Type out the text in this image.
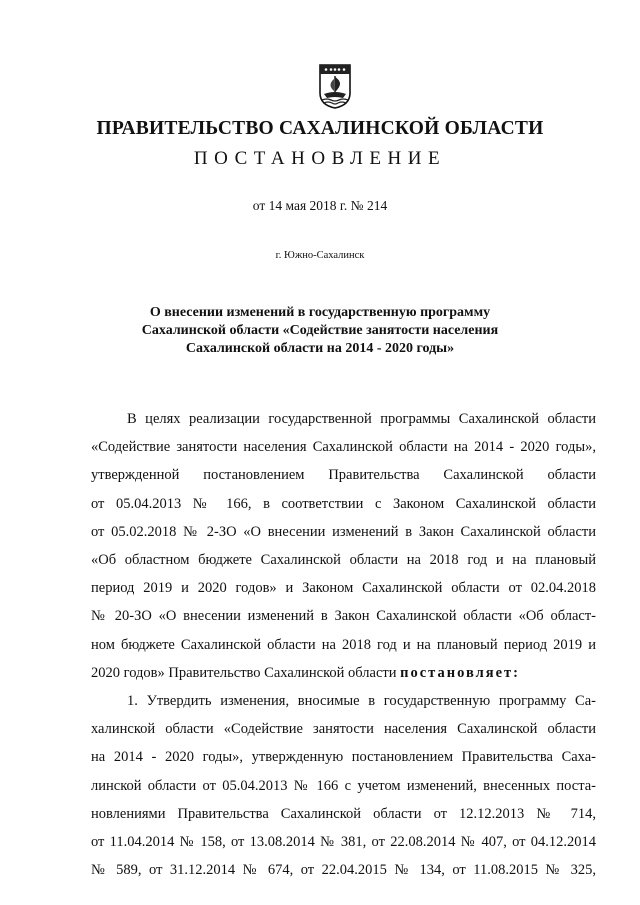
ПРАВИТЕЛЬСТВО САХАЛИНСКОЙ ОБЛАСТИ
ПОСТАНОВЛЕНИЕ
от 14 мая 2018 г. № 214
г. Южно-Сахалинск
О внесении изменений в государственную программу
Сахалинской области «Содействие занятости населения
Сахалинской области на 2014 - 2020 годы»
В целях реализации государственной программы Сахалинской области
«Содействие занятости населения Сахалинской области на 2014 - 2020 годы»,
утвержденной постановлением Правительства Сахалинской области
от 05.04.2013 № 166, в соответствии с Законом Сахалинской области
от 05.02.2018 № 2-ЗО «О внесении изменений в Закон Сахалинской области
«Об областном бюджете Сахалинской области на 2018 год и на плановый
период 2019 и 2020 годов» и Законом Сахалинской области от 02.04.2018
№ 20-ЗО «О внесении изменений в Закон Сахалинской области «Об област-
ном бюджете Сахалинской области на 2018 год и на плановый период 2019 и
2020 годов» Правительство Сахалинской области постановляет:
1. Утвердить изменения, вносимые в государственную программу Са-
халинской области «Содействие занятости населения Сахалинской области
на 2014 - 2020 годы», утвержденную постановлением Правительства Саха-
линской области от 05.04.2013 № 166 с учетом изменений, внесенных поста-
новлениями Правительства Сахалинской области от 12.12.2013 № 714,
от 11.04.2014 № 158, от 13.08.2014 № 381, от 22.08.2014 № 407, от 04.12.2014
№ 589, от 31.12.2014 № 674, от 22.04.2015 № 134, от 11.08.2015 № 325,
